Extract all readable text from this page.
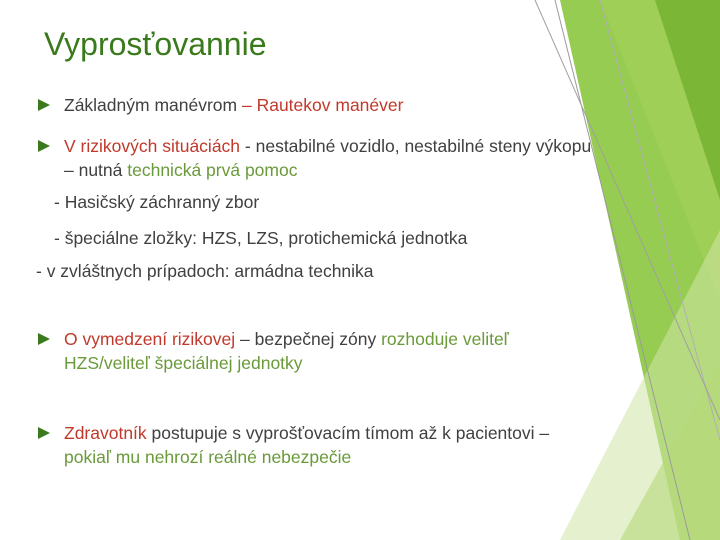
Vyprosťovannie
Základným manévrom – Rautekov manéver
V rizikových situáciách - nestabilné vozidlo, nestabilné steny výkopu
– nutná technická prvá pomoc
- Hasičský záchranný zbor
- špeciálne zložky: HZS, LZS, protichemická jednotka
- v zvláštnych prípadoch: armádna technika
O vymedzení rizikovej – bezpečnej zóny rozhoduje veliteľ
HZS/veliteľ špeciálnej jednotky
Zdravotník postupuje s vyprošťovacím tímom až k pacientovi –
pokiaľ mu nehrozí reálné nebezpečie
